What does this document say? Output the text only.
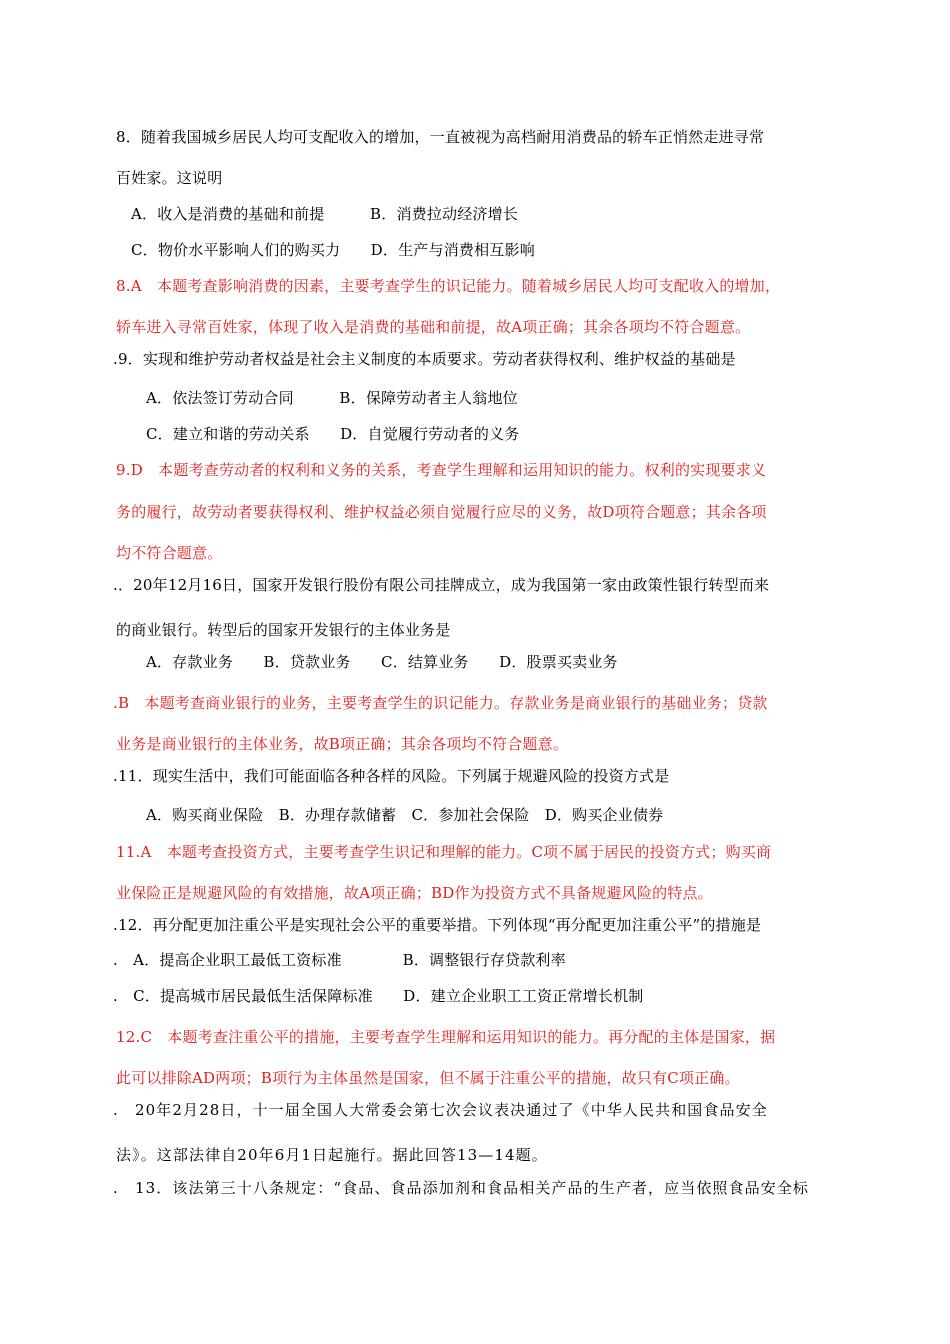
8．随着我国城乡居民人均可支配收入的增加，一直被视为高档耐用消费品的轿车正悄然走进寻常
百姓家。这说明
A．收入是消费的基础和前提　　　B．消费拉动经济增长
C．物价水平影响人们的购买力　　D．生产与消费相互影响
8.A　本题考查影响消费的因素，主要考查学生的识记能力。随着城乡居民人均可支配收入的增加，
轿车进入寻常百姓家，体现了收入是消费的基础和前提，故A项正确；其余各项均不符合题意。
.9．实现和维护劳动者权益是社会主义制度的本质要求。劳动者获得权利、维护权益的基础是
A．依法签订劳动合同　　　B．保障劳动者主人翁地位
C．建立和谐的劳动关系　　D．自觉履行劳动者的义务
9.D　本题考查劳动者的权利和义务的关系，考查学生理解和运用知识的能力。权利的实现要求义
务的履行，故劳动者要获得权利、维护权益必须自觉履行应尽的义务，故D项符合题意；其余各项
均不符合题意。
.．20年12月16日，国家开发银行股份有限公司挂牌成立，成为我国第一家由政策性银行转型而来
的商业银行。转型后的国家开发银行的主体业务是
A．存款业务　　B．贷款业务　　C．结算业务　　D．股票买卖业务
.B　本题考查商业银行的业务，主要考查学生的识记能力。存款业务是商业银行的基础业务；贷款
业务是商业银行的主体业务，故B项正确；其余各项均不符合题意。
.11．现实生活中，我们可能面临各种各样的风险。下列属于规避风险的投资方式是
A．购买商业保险　B．办理存款储蓄　C．参加社会保险　D．购买企业债券
11.A　本题考查投资方式，主要考查学生识记和理解的能力。C项不属于居民的投资方式；购买商
业保险正是规避风险的有效措施，故A项正确；BD作为投资方式不具备规避风险的特点。
.12．再分配更加注重公平是实现社会公平的重要举措。下列体现“再分配更加注重公平”的措施是
.　A．提高企业职工最低工资标准　　　　B．调整银行存贷款利率
.　C．提高城市居民最低生活保障标准　　D．建立企业职工工资正常增长机制
12.C　本题考查注重公平的措施，主要考查学生理解和运用知识的能力。再分配的主体是国家，据
此可以排除AD两项；B项行为主体虽然是国家，但不属于注重公平的措施，故只有C项正确。
.　20年2月28日，十一届全国人大常委会第七次会议表决通过了《中华人民共和国食品安全
法》。这部法律自20年6月1日起施行。据此回答13—14题。
.　13．该法第三十八条规定：“食品、食品添加剂和食品相关产品的生产者，应当依照食品安全标
